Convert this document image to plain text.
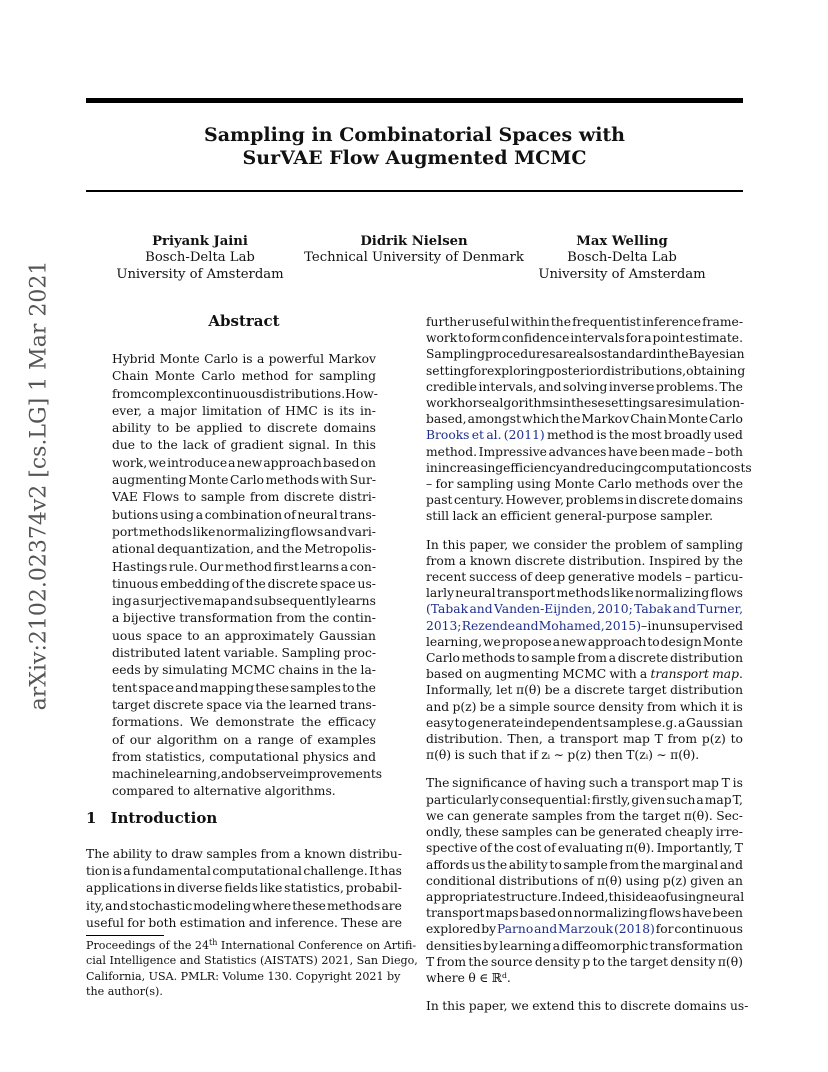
Sampling in Combinatorial Spaces with
SurVAE Flow Augmented MCMC
Priyank Jaini
Bosch-Delta Lab
University of Amsterdam
Didrik Nielsen
Technical University of Denmark
Max Welling
Bosch-Delta Lab
University of Amsterdam
arXiv:2102.02374v2 [cs.LG] 1 Mar 2021	Abstract
Hybrid Monte Carlo is a powerful Markov
Chain Monte Carlo method for sampling
from complex continuous distributions. How-
ever, a major limitation of HMC is its in-
ability to be applied to discrete domains
due to the lack of gradient signal. In this
work, we introduce a new approach based on
augmenting Monte Carlo methods with Sur-
VAE Flows to sample from discrete distri-
butions using a combination of neural trans-
port methods like normalizing flows and vari-
ational dequantization, and the Metropolis-
Hastings rule. Our method first learns a con-
tinuous embedding of the discrete space us-
ing a surjective map and subsequently learns
a bijective transformation from the contin-
uous space to an approximately Gaussian
distributed latent variable. Sampling proc-
eeds by simulating MCMC chains in the la-
tent space and mapping these samples to the
target discrete space via the learned trans-
formations. We demonstrate the efficacy
of our algorithm on a range of examples
from statistics, computational physics and
machine learning, and observe improvements
compared to alternative algorithms.
1 Introduction
The ability to draw samples from a known distribu-
tion is a fundamental computational challenge. It has
applications in diverse fields like statistics, probabil-
ity, and stochastic modeling where these methods are
useful for both estimation and inference. These are
Proceedings of the 24th International Conference on Artifi-
cial Intelligence and Statistics (AISTATS) 2021, San Diego,
California, USA. PMLR: Volume 130. Copyright 2021 by
the author(s).
further useful within the frequentist inference frame-
work to form confidence intervals for a point estimate.
Sampling procedures are also standard in the Bayesian
setting for exploring posterior distributions, obtaining
credible intervals, and solving inverse problems. The
workhorse algorithms in these settings are simulation-
based, amongst which the Markov Chain Monte Carlo
Brooks et al. (2011) method is the most broadly used
method. Impressive advances have been made – both
in increasing efficiency and reducing computation costs
– for sampling using Monte Carlo methods over the
past century. However, problems in discrete domains
still lack an efficient general-purpose sampler.
In this paper, we consider the problem of sampling
from a known discrete distribution. Inspired by the
recent success of deep generative models – particu-
larly neural transport methods like normalizing flows
(Tabak and Vanden-Eijnden, 2010; Tabak and Turner,
2013; Rezende and Mohamed, 2015)– in unsupervised
learning, we propose a new approach to design Monte
Carlo methods to sample from a discrete distribution
based on augmenting MCMC with a transport map.
Informally, let π(θ) be a discrete target distribution
and p(z) be a simple source density from which it is
easy to generate independent samples e.g. a Gaussian
distribution. Then, a transport map T from p(z) to
π(θ) is such that if zᵢ ∼ p(z) then T(zᵢ) ∼ π(θ).
The significance of having such a transport map T is
particularly consequential: firstly, given such a map T,
we can generate samples from the target π(θ). Sec-
ondly, these samples can be generated cheaply irre-
spective of the cost of evaluating π(θ). Importantly, T
affords us the ability to sample from the marginal and
conditional distributions of π(θ) using p(z) given an
appropriate structure. Indeed, this idea of using neural
transport maps based on normalizing flows have been
explored by Parno and Marzouk (2018) for continuous
densities by learning a diffeomorphic transformation
T from the source density p to the target density π(θ)
where θ ∈ ℝᵈ.
In this paper, we extend this to discrete domains us-
